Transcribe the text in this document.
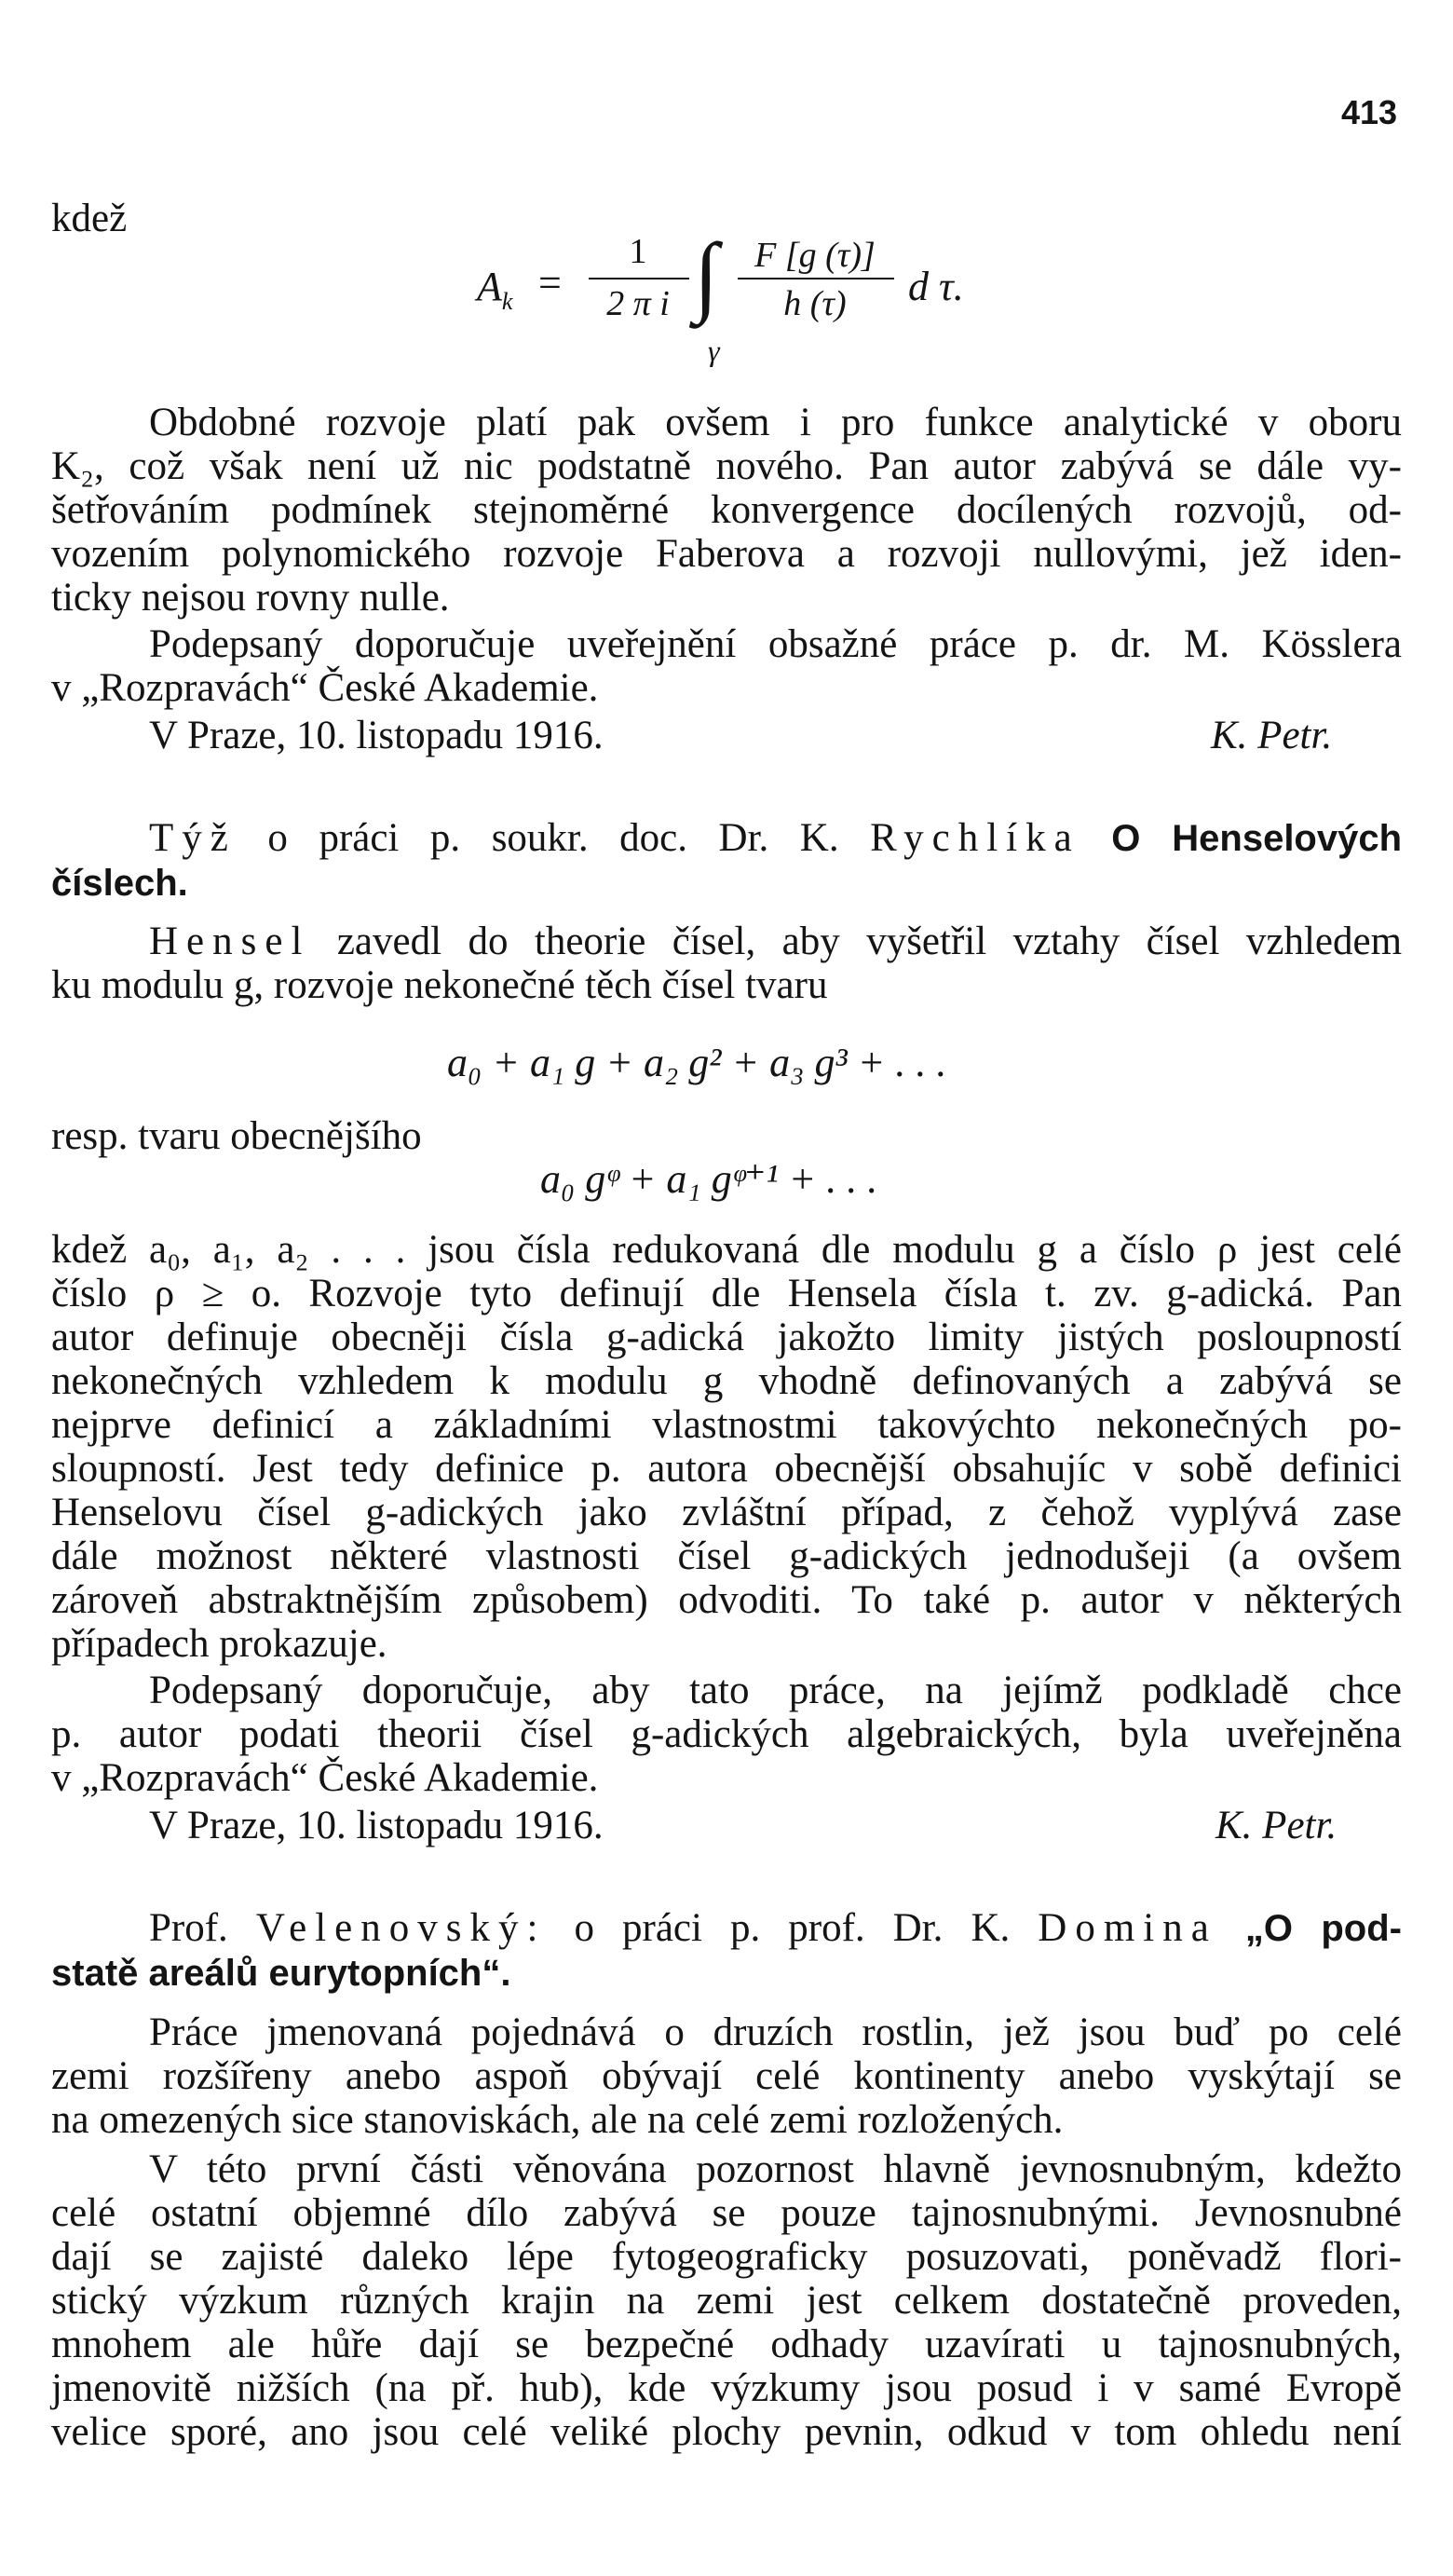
413
kdež
$A_k$ =
1
2 π i ∫
γ
F [g (τ)]
h (τ)	d τ.
Obdobné rozvoje platí pak ovšem i pro funkce analytické v oboru
K₂, což však není už nic podstatně nového. Pan autor zabývá se dále vy-
šetřováním podmínek stejnoměrné konvergence docílených rozvojů, od-
vozením polynomického rozvoje Faberova a rozvoji nullovými, jež iden-
ticky nejsou rovny nulle.
Podepsaný doporučuje uveřejnění obsažné práce p. dr. M. Kösslera
v „Rozpravách“ České Akademie.
V Praze, 10. listopadu 1916.	K. Petr.
Týž o práci p. soukr. doc. Dr. K. Rychlíka O Henselových
číslech.
Hensel zavedl do theorie čísel, aby vyšetřil vztahy čísel vzhledem
ku modulu g, rozvoje nekonečné těch čísel tvaru
a₀ + a₁ g + a₂ g² + a₃ g³ + . . .
resp. tvaru obecnějšího
a₀ gᵠ + a₁ gᵠ⁺¹ + . . .
kdež a₀, a₁, a₂ . . . jsou čísla redukovaná dle modulu g a číslo ρ jest celé
číslo ρ ≥ o. Rozvoje tyto definují dle Hensela čísla t. zv. g-adická. Pan
autor definuje obecněji čísla g-adická jakožto limity jistých posloupností
nekonečných vzhledem k modulu g vhodně definovaných a zabývá se
nejprve definicí a základními vlastnostmi takovýchto nekonečných po-
sloupností. Jest tedy definice p. autora obecnější obsahujíc v sobě definici
Henselovu čísel g-adických jako zvláštní případ, z čehož vyplývá zase
dále možnost některé vlastnosti čísel g-adických jednodušeji (a ovšem
zároveň abstraktnějším způsobem) odvoditi. To také p. autor v některých
případech prokazuje.
Podepsaný doporučuje, aby tato práce, na jejímž podkladě chce
p. autor podati theorii čísel g-adických algebraických, byla uveřejněna
v „Rozpravách“ České Akademie.
V Praze, 10. listopadu 1916.	K. Petr.
Prof. Velenovský: o práci p. prof. Dr. K. Domina „O pod-
statě areálů eurytopních“.
Práce jmenovaná pojednává o druzích rostlin, jež jsou buď po celé
zemi rozšířeny anebo aspoň obývají celé kontinenty anebo vyskýtají se
na omezených sice stanoviskách, ale na celé zemi rozložených.
V této první části věnována pozornost hlavně jevnosnubným, kdežto
celé ostatní objemné dílo zabývá se pouze tajnosnubnými. Jevnosnubné
dají se zajisté daleko lépe fytogeograficky posuzovati, poněvadž flori-
stický výzkum různých krajin na zemi jest celkem dostatečně proveden,
mnohem ale hůře dají se bezpečné odhady uzavírati u tajnosnubných,
jmenovitě nižších (na př. hub), kde výzkumy jsou posud i v samé Evropě
velice sporé, ano jsou celé veliké plochy pevnin, odkud v tom ohledu není
